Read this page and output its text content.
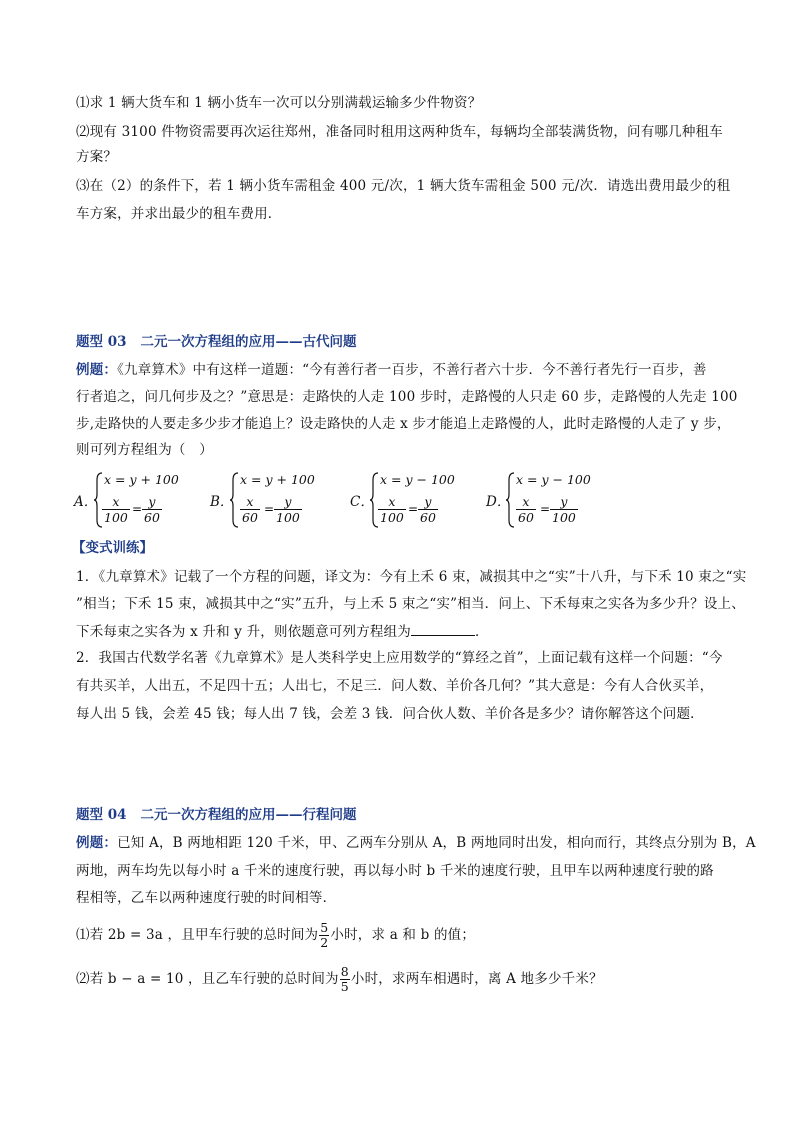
⑴求 1 辆大货车和 1 辆小货车一次可以分别满载运输多少件物资？
⑵现有 3100 件物资需要再次运往郑州，准备同时租用这两种货车，每辆均全部装满货物，问有哪几种租车
方案？
⑶在（2）的条件下，若 1 辆小货车需租金 400 元/次，1 辆大货车需租金 500 元/次．请选出费用最少的租
车方案，并求出最少的租车费用．
题型 03 二元一次方程组的应用——古代问题
例题：《九章算术》中有这样一道题：“今有善行者一百步，不善行者六十步．今不善行者先行一百步，善
行者追之，问几何步及之？”意思是：走路快的人走 100 步时，走路慢的人只走 60 步，走路慢的人先走 100
步,走路快的人要走多少步才能追上？设走路快的人走 x 步才能追上走路慢的人，此时走路慢的人走了 y 步，
则可列方程组为（　）
A．
x = y + 100
$\frac{x}{100} = \frac{y}{60}$	B．
x = y + 100
$\frac{x}{60} = \frac{y}{100}$	C．
x = y − 100
$\frac{x}{100} = \frac{y}{60}$	D．
x = y − 100
$\frac{x}{60} = \frac{y}{100}$
【变式训练】
1．《九章算术》记载了一个方程的问题，译文为：今有上禾 6 束，减损其中之“实”十八升，与下禾 10 束之“实
”相当；下禾 15 束，减损其中之“实”五升，与上禾 5 束之“实”相当．问上、下禾每束之实各为多少升？设上、
下禾每束之实各为 x 升和 y 升，则依题意可列方程组为	．
2．我国古代数学名著《九章算术》是人类科学史上应用数学的“算经之首”，上面记载有这样一个问题：“今
有共买羊，人出五，不足四十五；人出七，不足三．问人数、羊价各几何？”其大意是：今有人合伙买羊，
每人出 5 钱，会差 45 钱；每人出 7 钱，会差 3 钱．问合伙人数、羊价各是多少？请你解答这个问题．
题型 04 二元一次方程组的应用——行程问题
例题：已知 A，B 两地相距 120 千米，甲、乙两车分别从 A，B 两地同时出发，相向而行，其终点分别为 B，A
两地，两车均先以每小时 a 千米的速度行驶，再以每小时 b 千米的速度行驶，且甲车以两种速度行驶的路
程相等，乙车以两种速度行驶的时间相等．
⑴若 2b = 3a ，且甲车行驶的总时间为 $\frac{5}{2}$ 小时，求 a 和 b 的值；
⑵若 b − a = 10 ，且乙车行驶的总时间为 $\frac{8}{5}$ 小时，求两车相遇时，离 A 地多少千米？
